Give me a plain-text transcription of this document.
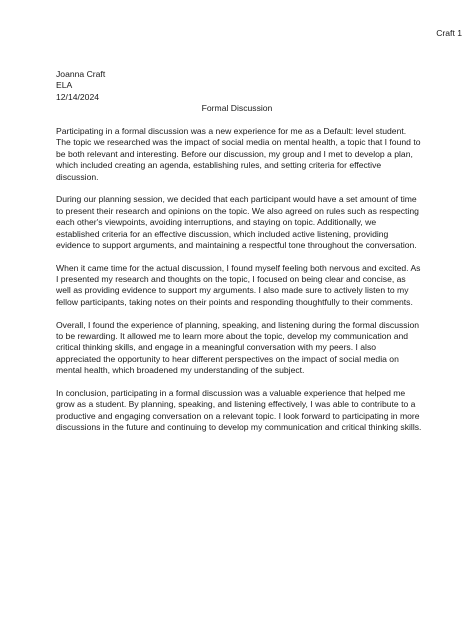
Craft 1
Joanna Craft
ELA
12/14/2024
Formal Discussion

Participating in a formal discussion was a new experience for me as a Default: level student.
The topic we researched was the impact of social media on mental health, a topic that I found to
be both relevant and interesting. Before our discussion, my group and I met to develop a plan,
which included creating an agenda, establishing rules, and setting criteria for effective
discussion.

During our planning session, we decided that each participant would have a set amount of time
to present their research and opinions on the topic. We also agreed on rules such as respecting
each other's viewpoints, avoiding interruptions, and staying on topic. Additionally, we
established criteria for an effective discussion, which included active listening, providing
evidence to support arguments, and maintaining a respectful tone throughout the conversation.

When it came time for the actual discussion, I found myself feeling both nervous and excited. As
I presented my research and thoughts on the topic, I focused on being clear and concise, as
well as providing evidence to support my arguments. I also made sure to actively listen to my
fellow participants, taking notes on their points and responding thoughtfully to their comments.

Overall, I found the experience of planning, speaking, and listening during the formal discussion
to be rewarding. It allowed me to learn more about the topic, develop my communication and
critical thinking skills, and engage in a meaningful conversation with my peers. I also
appreciated the opportunity to hear different perspectives on the impact of social media on
mental health, which broadened my understanding of the subject.

In conclusion, participating in a formal discussion was a valuable experience that helped me
grow as a student. By planning, speaking, and listening effectively, I was able to contribute to a
productive and engaging conversation on a relevant topic. I look forward to participating in more
discussions in the future and continuing to develop my communication and critical thinking skills.
